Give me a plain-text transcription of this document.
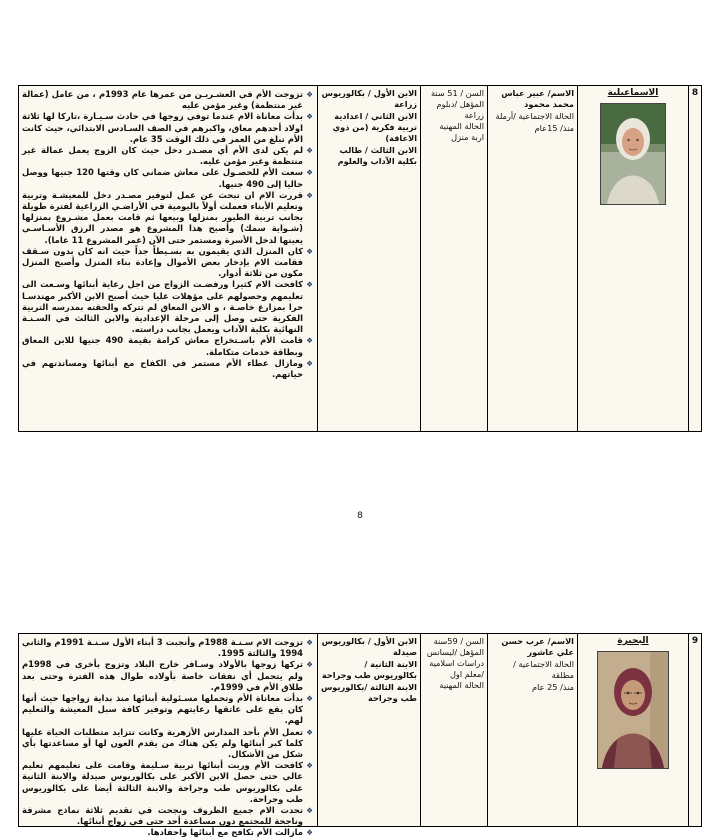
8
الاسماعيلية
الاسم/ عبير عباس محمد محمود
الحالة الاجتماعية /أرملة
منذ/ 15عام
السن / 51 سنة
المؤهل /دبلوم زراعة
الحالة المهنية اربة منزل
الابن الأول / بكالوريوس زراعة
الابن الثاني / اعدادية تربية فكرية (من ذوي الاعاقة)
الابن الثالث / طالب بكلية الآداب والعلوم
❖
تزوجت الأم في العشـريـن من عمرها عام 1993م ، من عامل (عمالة غير منتظمة) وغير مؤمن عليه
❖
بدأت معاناة الام عندما توفي زوجها في حادث سـيـارة ،تاركا لها ثلاثة اولاد أحدهم معاق، واكبرهم في الصف السـادس الابتدائي، حيث كانت الأم تبلغ من العمر في ذلك الوقت 35 عام.
❖
لم يكن لدى الأم أي مصـدر دخل حيث كان الزوج يعمل عمالة غير منتظمة وغير مؤمن عليه.
❖
سعت الأم للحصـول على معاش ضماني كان وقتها 120 جنيها ووصل حاليا إلى 490 جنيها.
❖
قررت الام ان تبحث عن عمل لتوفير مصـدر دخل للمعيشـة وتربية وتعليم الأبناء فعملت أولاً باليومية في الأراضـي الزراعية لفترة طويلة بجانب تربية الطيور بمنزلها وبيعها ثم قامت بعمل مشـروع بمنزلها (شـواية سمك) وأصبح هذا المشروع هو مصدر الرزق الأسـاسـي يعينها لدخل الأسرة ومستمر حتى الآن (عمر المشروع 11 عاما).
❖
كان المنزل الذي يقيمون به بسـيطاً جداً حيث انه كان بدون سـقف فقامت الام بإدخار بعض الأموال وإعادة بناء المنزل وأصبح المنزل مكون من ثلاثة أدوار.
❖
كافحت الام كثيرا ورفضـت الزواج من اجل رعاية أبنائها وسـعت الى تعليمهم وحصولهم على مؤهلات عليا حيث أصبح الابن الأكبر مهندسـا حرا بمزارع خاصـة ، و الابن المعاق لم تتركه والحقته بمدرسه التربية الفكرية حتى وصل إلى مرحلة الإعدادية والابن الثالث في السـنـة النهائية بكلية الآداب ويعمل بجانب دراسته.
❖
قامت الأم باسـتخراج معاش كرامة بقيمة 490 جنيها للابن المعاق وبطاقة خدمات متكاملة.
❖
ومازال عطاء الأم مستمر في الكفاح مع أبنائها ومساندتهم في حياتهم.
8
9
البحيرة
الاسم/ عرب حسن علي عاشور
الحالة الاجتماعية / مطلقة
منذ/ 25 عام
السن / 59سنة
المؤهل /ليسانس دراسات اسلامية /معلم اول
الحالة المهنية
الابن الأول / بكالوريوس صيدلة
الابنة الثانية / بكالوريوس طب وجراحة
الابنة الثالثة /بكالوريوس طب وجراحة
❖
تزوجت الام سـنـة 1988م وأنجبت 3 أبناء الأول سـنـة 1991م والثاني 1994 والثالثة 1995.
❖
تركها زوجها بالأولاد وسـافر خارج البلاد وتزوج بأخرى في 1998م ولم يتحمل أي نفقات خاصة بأولاده طوال هذه الفترة وحتى بعد طلاق الأم في 1999م.
❖
بدأت معاناة الأم وتحملها مسـئولية أبنائها منذ بداية زواجها حيث أنها كان يقع على عاتقها رعايتهم وتوفير كافة سبل المعيشة والتعليم لهم.
❖
تعمل الأم بأحد المدارس الأزهرية وكانت تتزايد متطلبات الحياة عليها كلما كبر أبنائها ولم يكن هناك من يقدم العون لها أو مساعدتها بأي شكل من الأشكال.
❖
كافحت الأم وربت أبنائها تربية سـليمة وقامت على تعليمهم تعليم عالي حتى حصل الابن الأكبر على بكالوريوس صيدلة والابنة الثانية على بكالوريوس طب وجراحة والابنة الثالثة أيضا على بكالوريوس طب وجراحة.
❖
تحدت الام جميع الظروف ونجحت في تقديم ثلاثة نماذج مشرفة وناجحة للمجتمع دون مساعدة أحد حتى في زواج أبنائها.
❖
مازالت الأم تكافح مع أبنائها واحفادها.
